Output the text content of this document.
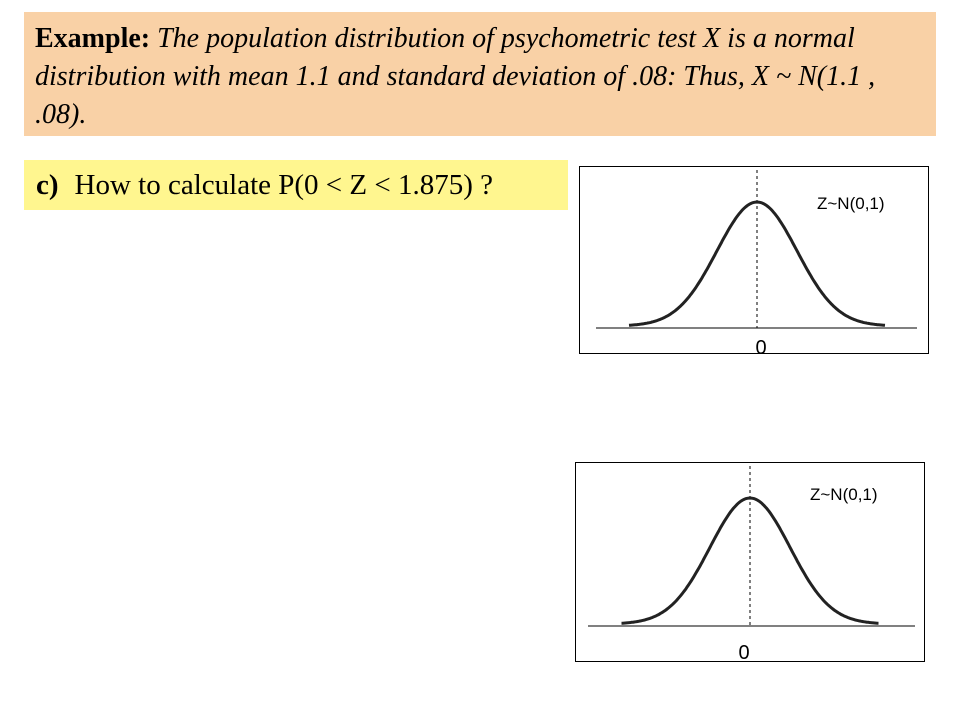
Example: The population distribution of psychometric test X is a normal distribution with mean 1.1 and standard deviation of .08: Thus, X ~ N(1.1 , .08).
c) How to calculate P(0 < Z < 1.875) ?
0
Z~N(0,1)
0
Z~N(0,1)
